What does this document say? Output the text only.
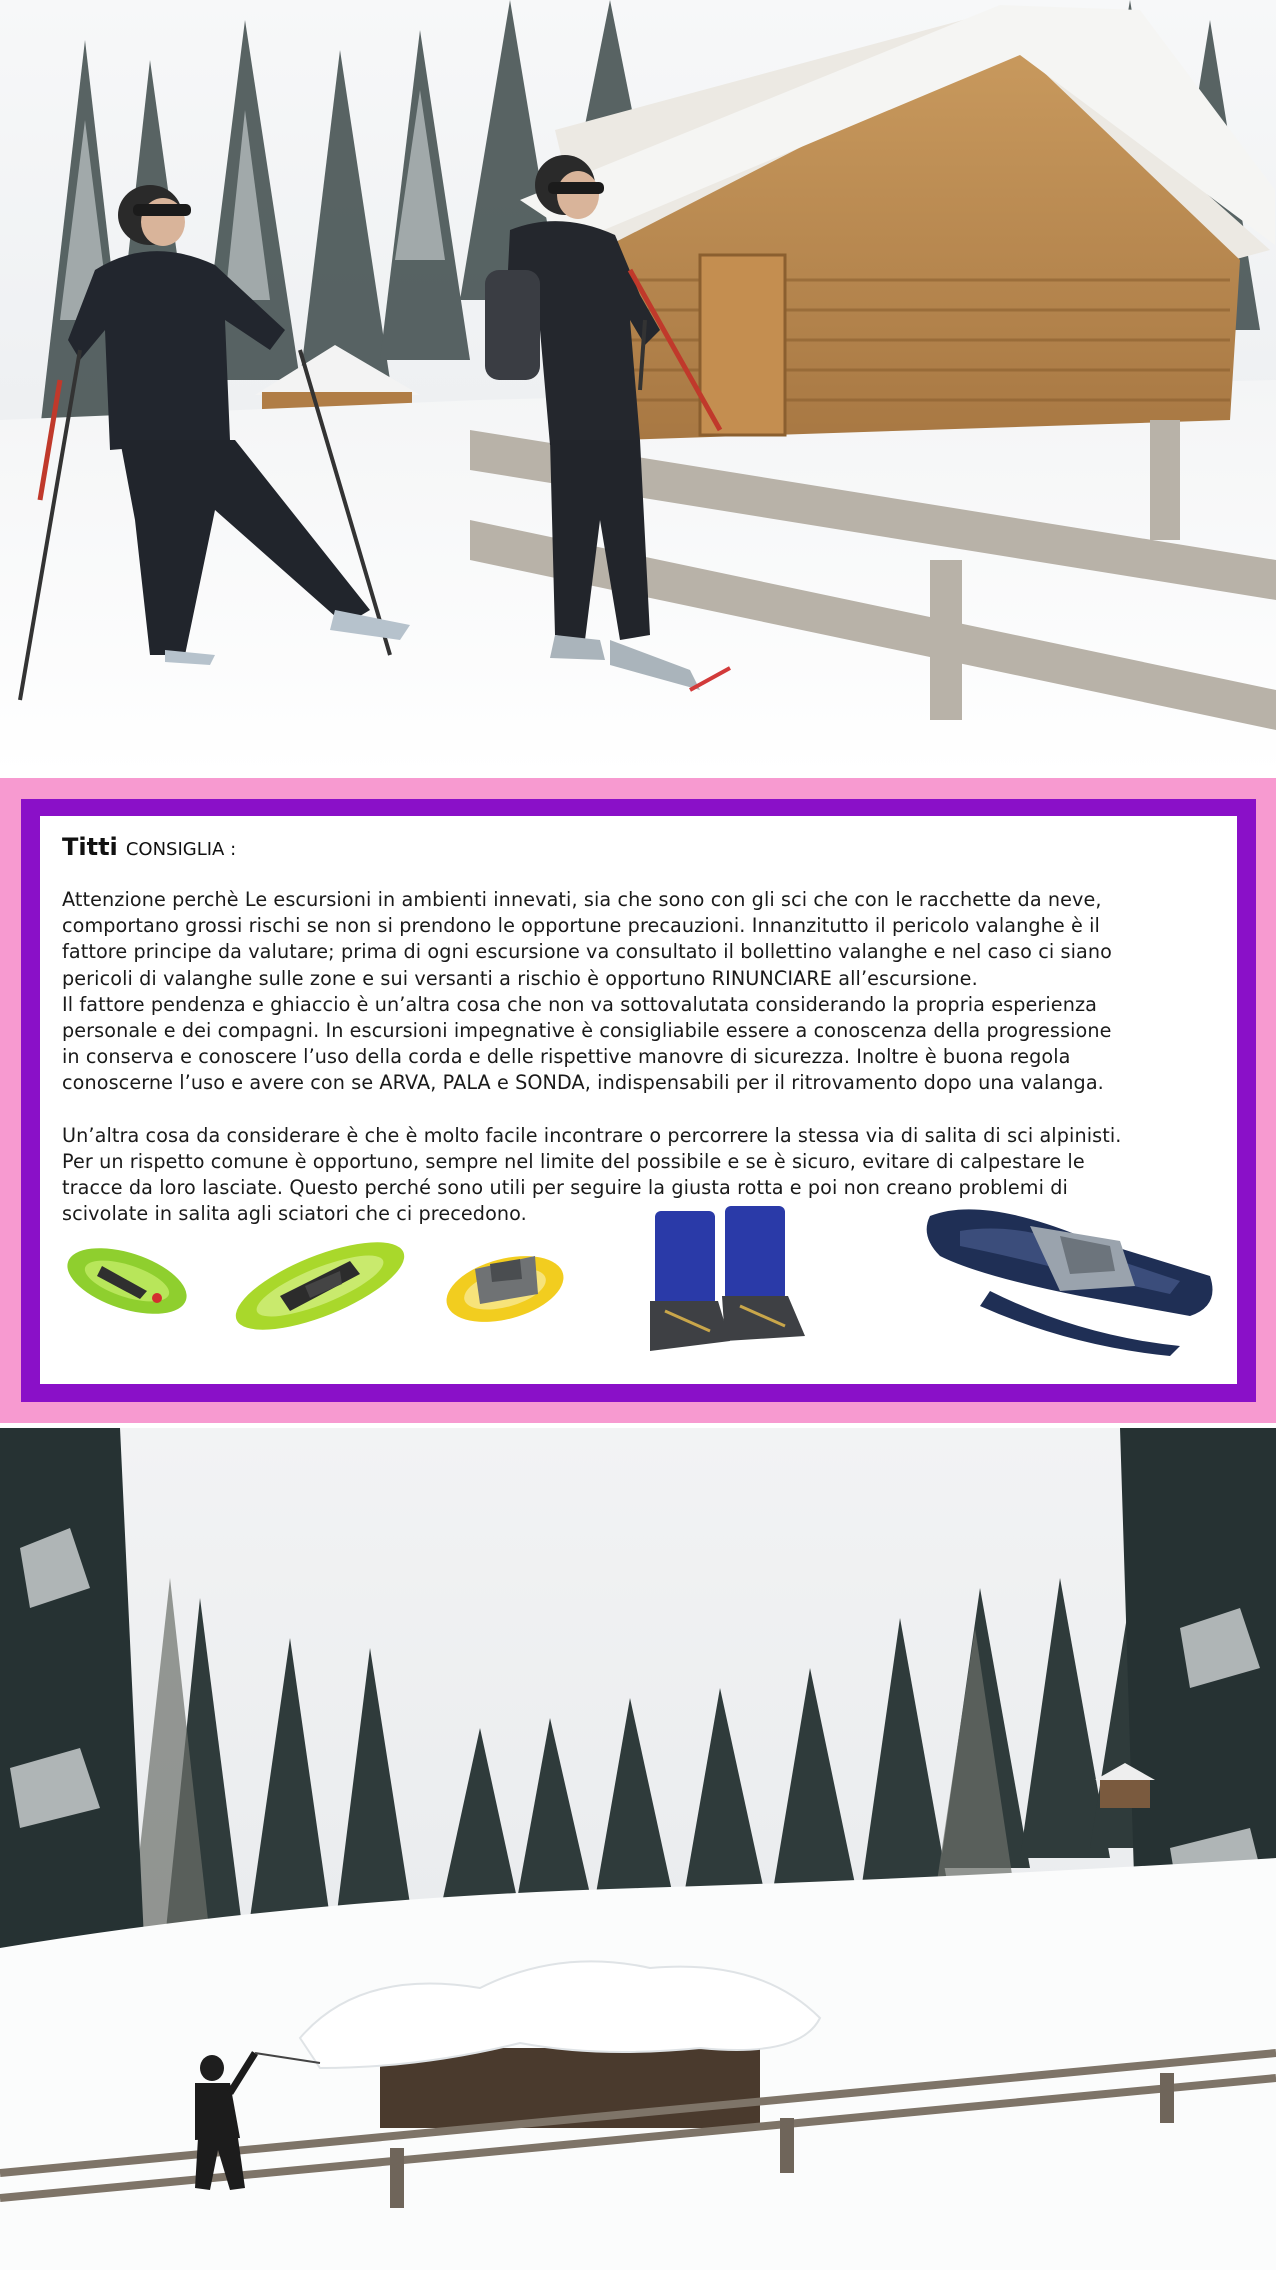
Titti CONSIGLIA :
Attenzione perchè Le escursioni in ambienti innevati, sia che sono con gli sci che con le racchette da neve,
comportano grossi rischi se non si prendono le opportune precauzioni. Innanzitutto il pericolo valanghe è il
fattore principe da valutare; prima di ogni escursione va consultato il bollettino valanghe e nel caso ci siano
pericoli di valanghe sulle zone e sui versanti a rischio è opportuno RINUNCIARE all’escursione.
Il fattore pendenza e ghiaccio è un’altra cosa che non va sottovalutata considerando la propria esperienza
personale e dei compagni. In escursioni impegnative è consigliabile essere a conoscenza della progressione
in conserva e conoscere l’uso della corda e delle rispettive manovre di sicurezza. Inoltre è buona regola
conoscerne l’uso e avere con se ARVA, PALA e SONDA, indispensabili per il ritrovamento dopo una valanga.
Un’altra cosa da considerare è che è molto facile incontrare o percorrere la stessa via di salita di sci alpinisti.
Per un rispetto comune è opportuno, sempre nel limite del possibile e se è sicuro, evitare di calpestare le
tracce da loro lasciate. Questo perché sono utili per seguire la giusta rotta e poi non creano problemi di
scivolate in salita agli sciatori che ci precedono.
